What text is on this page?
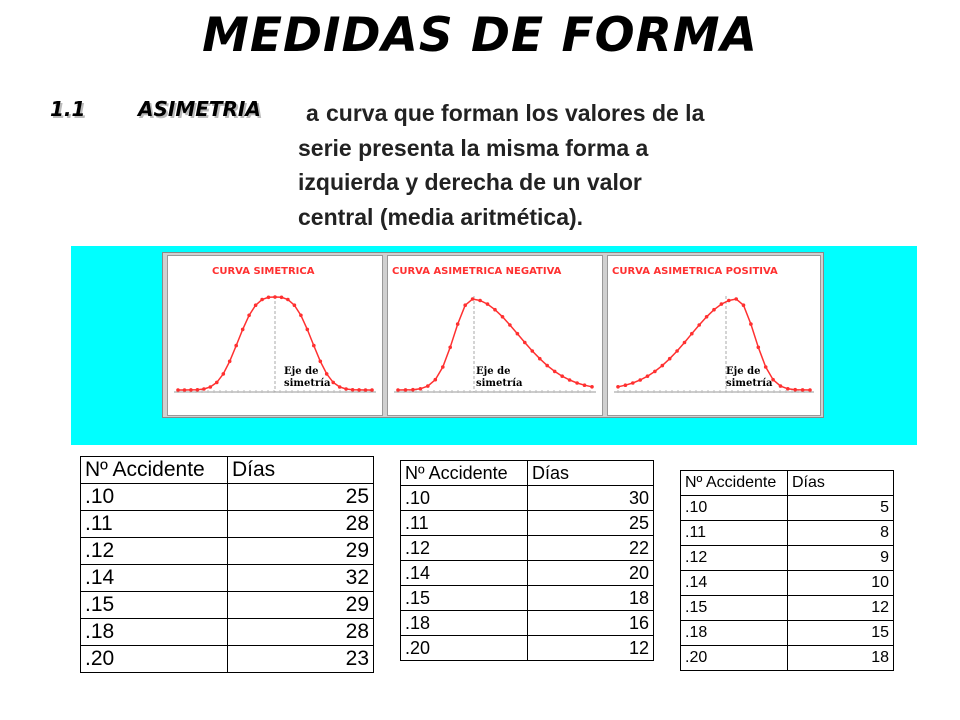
MEDIDAS DE FORMA
1.1	ASIMETRIA a curva que forman los valores de la
serie presenta la misma forma a
izquierda y derecha de un valor
central (media aritmética).
CURVA SIMETRICA
Eje de
simetría
CURVA ASIMETRICA NEGATIVA
Eje de
simetría
CURVA ASIMETRICA POSITIVA
Eje de
simetría
Nº Accidente	Días
.10	25
.11	28
.12	29
.14	32
.15	29
.18	28
.20	23
Nº Accidente	Días
.10	30
.11	25
.12	22
.14	20
.15	18
.18	16
.20	12
Nº Accidente	Días
.10	5
.11	8
.12	9
.14	10
.15	12
.18	15
.20	18
